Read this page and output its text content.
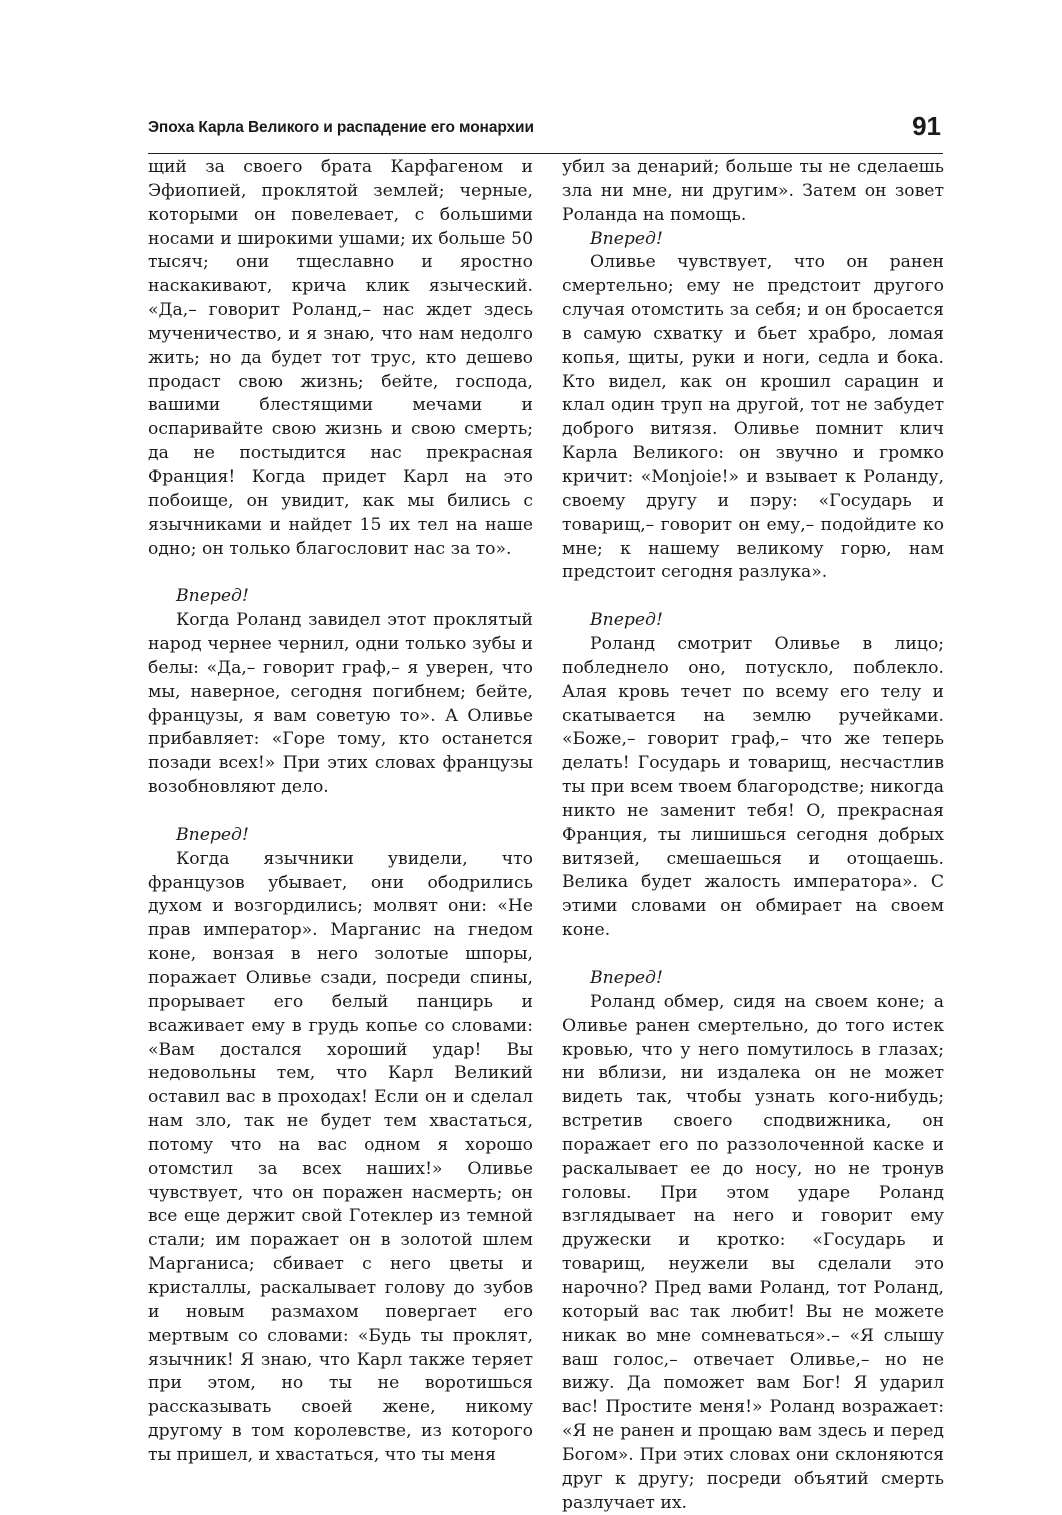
Эпоха Карла Великого и распадение его монархии	91

щий за своего брата Карфагеном и Эфиопией, проклятой землей; черные, которыми он повелевает, с большими носами и широкими ушами; их больше 50 тысяч; они тщеславно и яростно наскакивают, крича клик языческий. «Да,– говорит Роланд,– нас ждет здесь мученичество, и я знаю, что нам недолго жить; но да будет тот трус, кто дешево продаст свою жизнь; бейте, господа, вашими блестящими мечами и оспаривайте свою жизнь и свою смерть; да не постыдится нас прекрасная Франция! Когда придет Карл на это побоище, он увидит, как мы бились с язычниками и найдет 15 их тел на наше одно; он только благословит нас за то».

Вперед!

Когда Роланд завидел этот проклятый народ чернее чернил, одни только зубы и белы: «Да,– говорит граф,– я уверен, что мы, наверное, сегодня погибнем; бейте, французы, я вам советую то». А Оливье прибавляет: «Горе тому, кто останется позади всех!» При этих словах французы возобновляют дело.

Вперед!

Когда язычники увидели, что французов убывает, они ободрились духом и возгордились; молвят они: «Не прав император». Марганис на гнедом коне, вонзая в него золотые шпоры, поражает Оливье сзади, посреди спины, прорывает его белый панцирь и всаживает ему в грудь копье со словами: «Вам достался хороший удар! Вы недовольны тем, что Карл Великий оставил вас в проходах! Если он и сделал нам зло, так не будет тем хвастаться, потому что на вас одном я хорошо отомстил за всех наших!» Оливье чувствует, что он поражен насмерть; он все еще держит свой Готеклер из темной стали; им поражает он в золотой шлем Марганиса; сбивает с него цветы и кристаллы, раскалывает голову до зубов и новым размахом повергает его мертвым со словами: «Будь ты проклят, язычник! Я знаю, что Карл также теряет при этом, но ты не воротишься рассказывать своей жене, никому другому в том королевстве, из которого ты пришел, и хвастаться, что ты меня

убил за денарий; больше ты не сделаешь зла ни мне, ни другим». Затем он зовет Роланда на помощь.

Вперед!

Оливье чувствует, что он ранен смертельно; ему не предстоит другого случая отомстить за себя; и он бросается в самую схватку и бьет храбро, ломая копья, щиты, руки и ноги, седла и бока. Кто видел, как он крошил сарацин и клал один труп на другой, тот не забудет доброго витязя. Оливье помнит клич Карла Великого: он звучно и громко кричит: «Monjoie!» и взывает к Роланду, своему другу и пэру: «Государь и товарищ,– говорит он ему,– подойдите ко мне; к нашему великому горю, нам предстоит сегодня разлука».

Вперед!

Роланд смотрит Оливье в лицо; побледнело оно, потускло, поблекло. Алая кровь течет по всему его телу и скатывается на землю ручейками. «Боже,– говорит граф,– что же теперь делать! Государь и товарищ, несчастлив ты при всем твоем благородстве; никогда никто не заменит тебя! О, прекрасная Франция, ты лишишься сегодня добрых витязей, смешаешься и отощаешь. Велика будет жалость императора». С этими словами он обмирает на своем коне.

Вперед!

Роланд обмер, сидя на своем коне; а Оливье ранен смертельно, до того истек кровью, что у него помутилось в глазах; ни вблизи, ни издалека он не может видеть так, чтобы узнать кого-нибудь; встретив своего сподвижника, он поражает его по раззолоченной каске и раскалывает ее до носу, но не тронув головы. При этом ударе Роланд взглядывает на него и говорит ему дружески и кротко: «Государь и товарищ, неужели вы сделали это нарочно? Пред вами Роланд, тот Роланд, который вас так любит! Вы не можете никак во мне сомневаться».– «Я слышу ваш голос,– отвечает Оливье,– но не вижу. Да поможет вам Бог! Я ударил вас! Простите меня!» Роланд возражает: «Я не ранен и прощаю вам здесь и перед Богом». При этих словах они склоняются друг к другу; посреди объятий смерть разлучает их.
